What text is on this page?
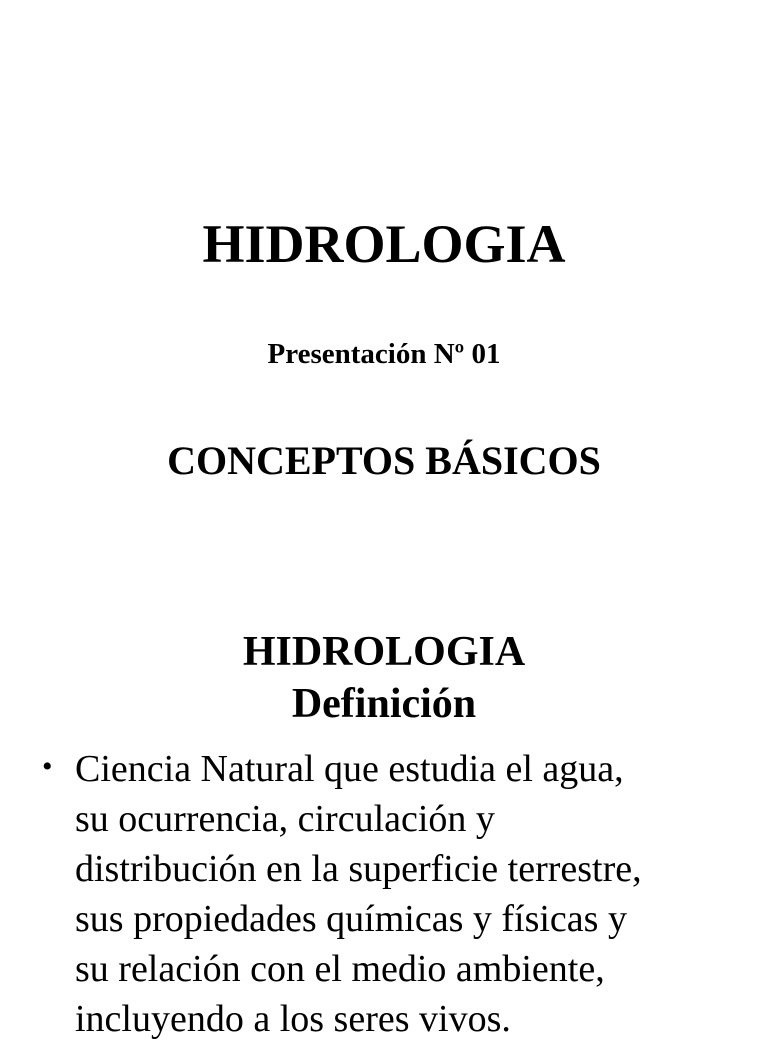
HIDROLOGIA
Presentación Nº 01
CONCEPTOS BÁSICOS
HIDROLOGIA
Definición
• Ciencia Natural que estudia el agua,
su ocurrencia, circulación y
distribución en la superficie terrestre,
sus propiedades químicas y físicas y
su relación con el medio ambiente,
incluyendo a los seres vivos.
